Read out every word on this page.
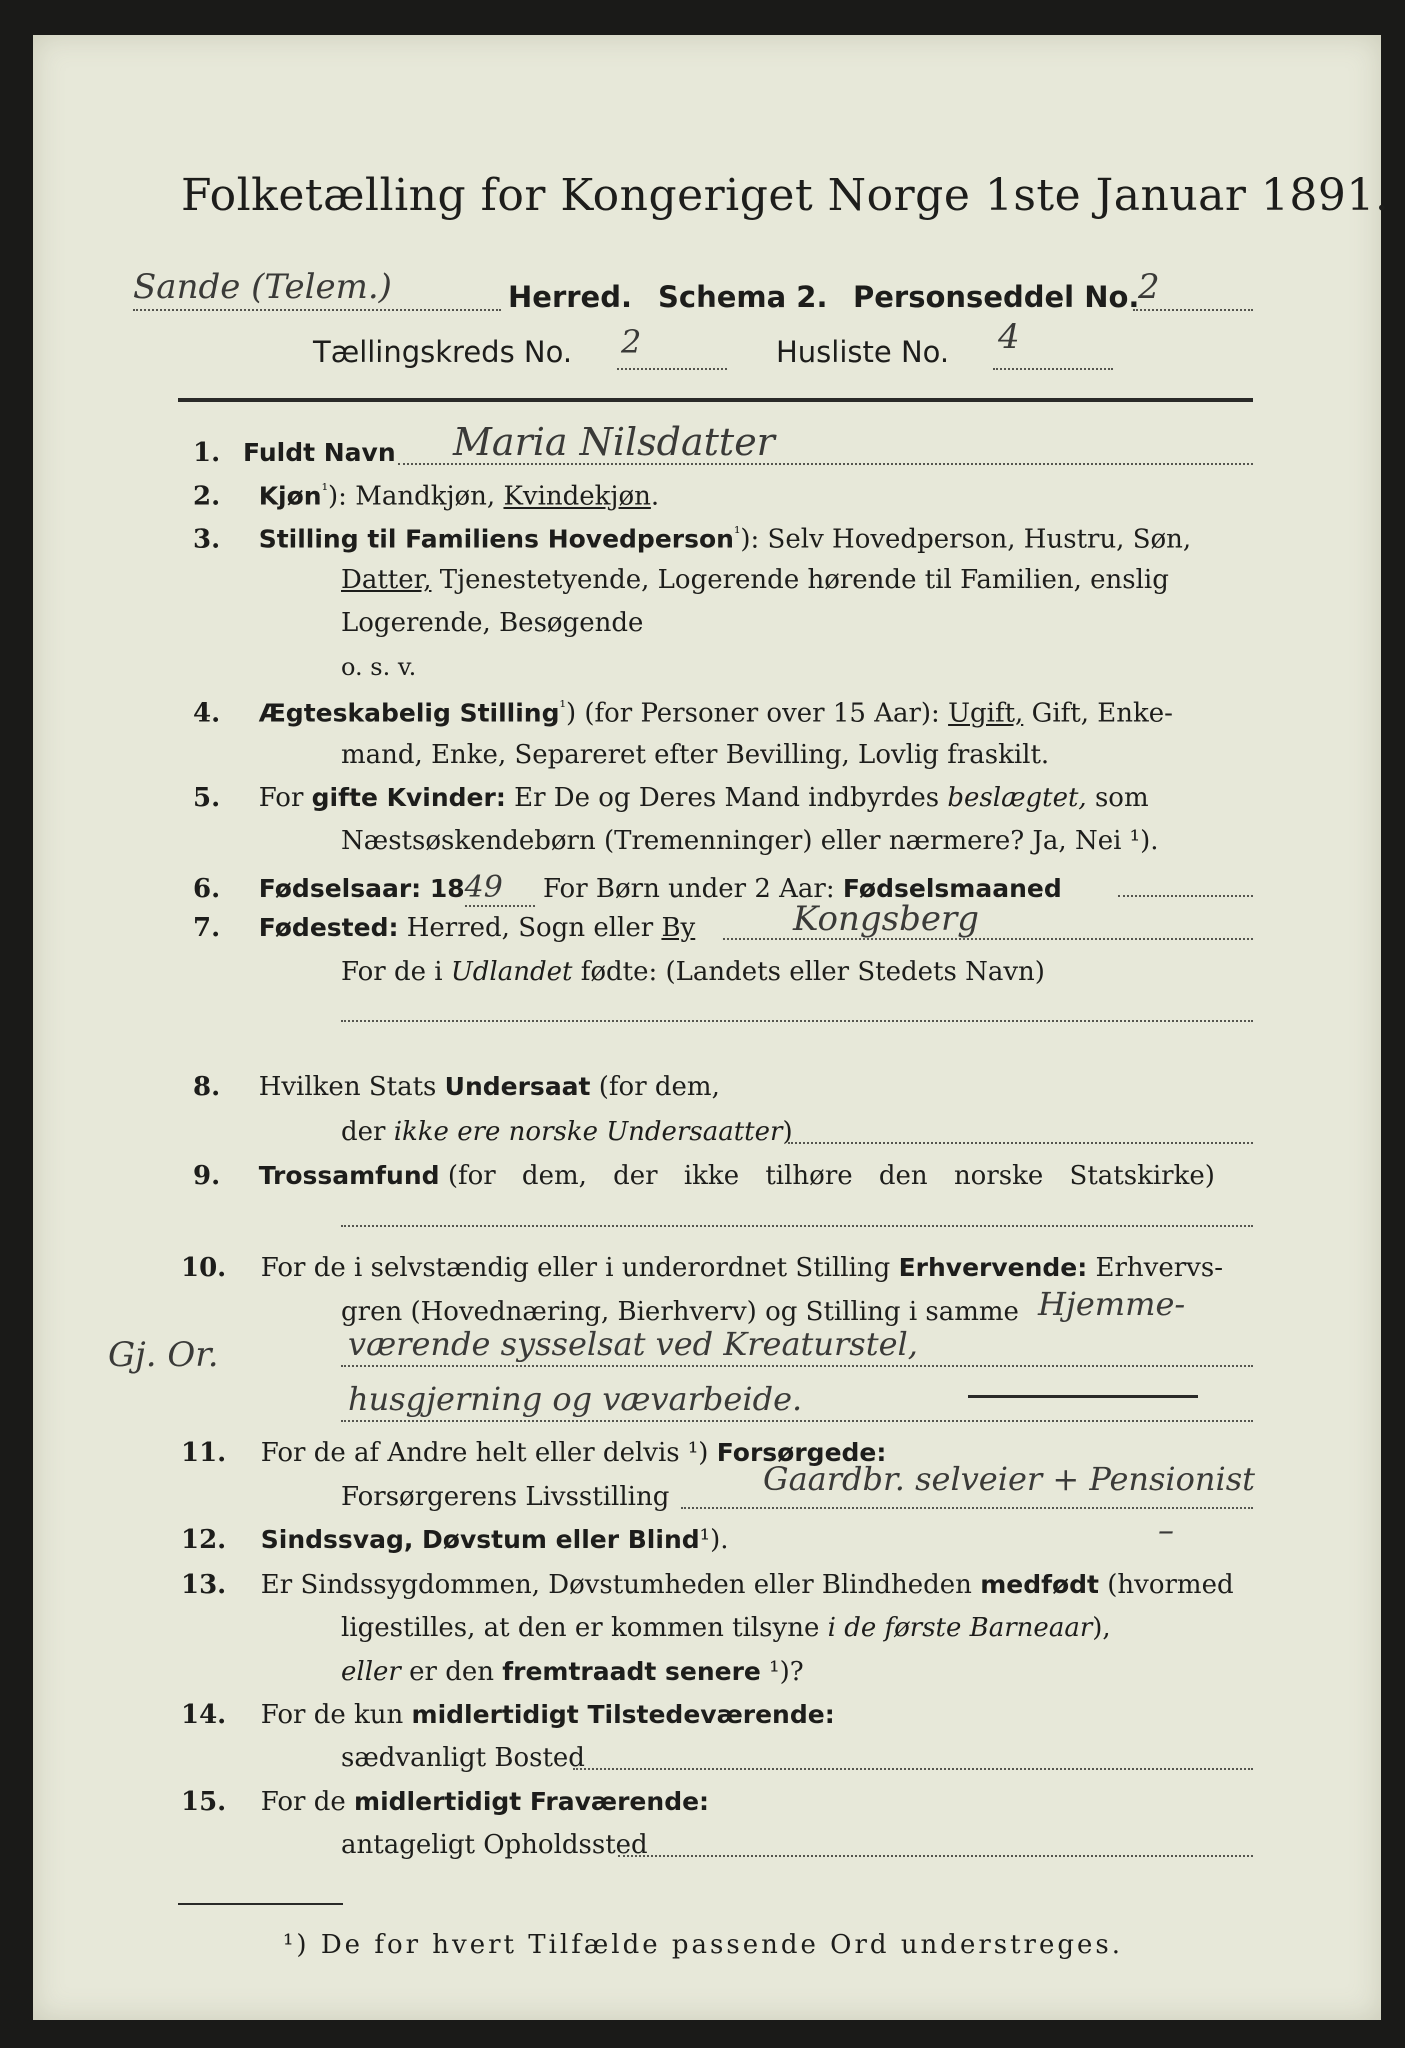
Folketælling for Kongeriget Norge 1ste Januar 1891.
Sande (Telem.)	Herred. Schema 2. Personseddel No.
2
Tællingskreds No. 2	Husliste No. 4
1. Fuldt Navn Maria Nilsdatter
2. Kjøn$^{^1}$): Mandkjøn, Kvindekjøn.
3. Stilling til Familiens Hovedperson$^{^1}$): Selv Hovedperson, Hustru, Søn,
Datter, Tjenestetyende, Logerende hørende til Familien, enslig
Logerende, Besøgende
o. s. v.
4. Ægteskabelig Stilling$^{^1}$) (for Personer over 15 Aar): Ugift, Gift, Enke-
mand, Enke, Separeret efter Bevilling, Lovlig fraskilt.
5. For gifte Kvinder: Er De og Deres Mand indbyrdes beslægtet, som
Næstsøskendebørn (Tremenninger) eller nærmere? Ja, Nei ¹).
6. Fødselsaar: 1849 For Børn under 2 Aar: Fødselsmaaned
7. Fødested: Herred, Sogn eller By	Kongsberg
For de i Udlandet fødte: (Landets eller Stedets Navn)
8. Hvilken Stats Undersaat (for dem,
der ikke ere norske Undersaatter)
9. Trossamfund (for dem, der ikke tilhøre den norske Statskirke)
10. For de i selvstændig eller i underordnet Stilling Erhvervende: Erhvervs-
gren (Hovednæring, Bierhverv) og Stilling i samme Hjemme-
værende sysselsat ved Kreaturstel,
husgjerning og vævarbeide.
Gj. Or.
11. For de af Andre helt eller delvis ¹) Forsørgede:
Forsørgerens Livsstilling	Gaardbr. selveier + Pensionist
12. Sindssvag, Døvstum eller Blind¹).	–
13. Er Sindssygdommen, Døvstumheden eller Blindheden medfødt (hvormed
ligestilles, at den er kommen tilsyne i de første Barneaar),
eller er den fremtraadt senere ¹)?
14. For de kun midlertidigt Tilstedeværende:
sædvanligt Bosted
15. For de midlertidigt Fraværende:
antageligt Opholdssted
¹) De for hvert Tilfælde passende Ord understreges.
